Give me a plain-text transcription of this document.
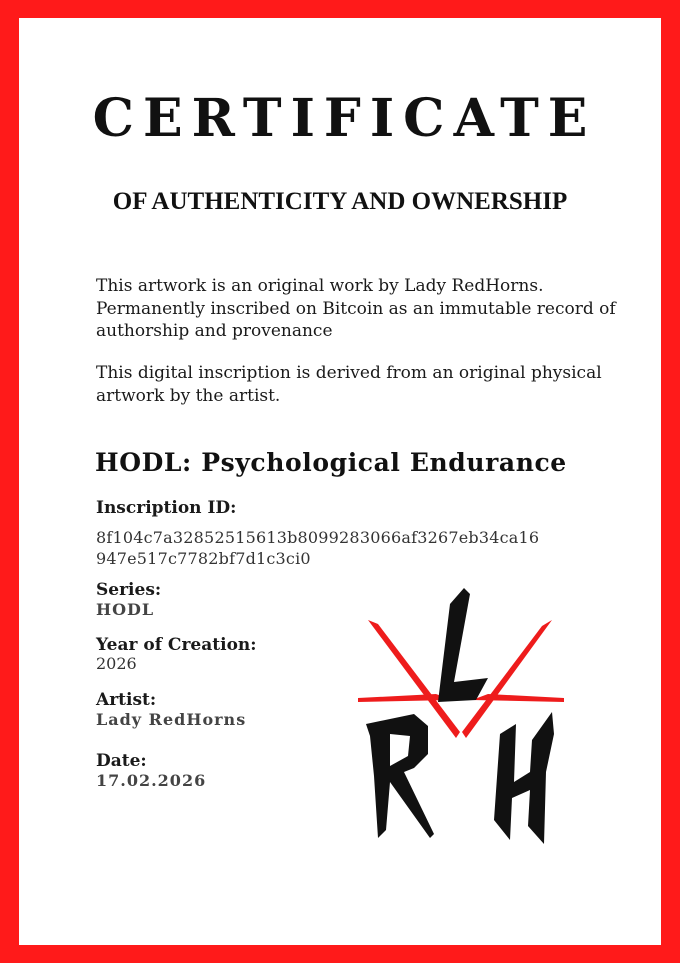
CERTIFICATE
OF AUTHENTICITY AND OWNERSHIP

This artwork is an original work by Lady RedHorns. Permanently inscribed on Bitcoin as an immutable record of authorship and provenance

This digital inscription is derived from an original physical artwork by the artist.

HODL: Psychological Endurance
Inscription ID:
8f104c7a32852515613b8099283066af3267eb34ca16
947e517c7782bf7d1c3ci0
Series:
HODL
Year of Creation:
2026
Artist:
Lady RedHorns
Date:
17.02.2026
